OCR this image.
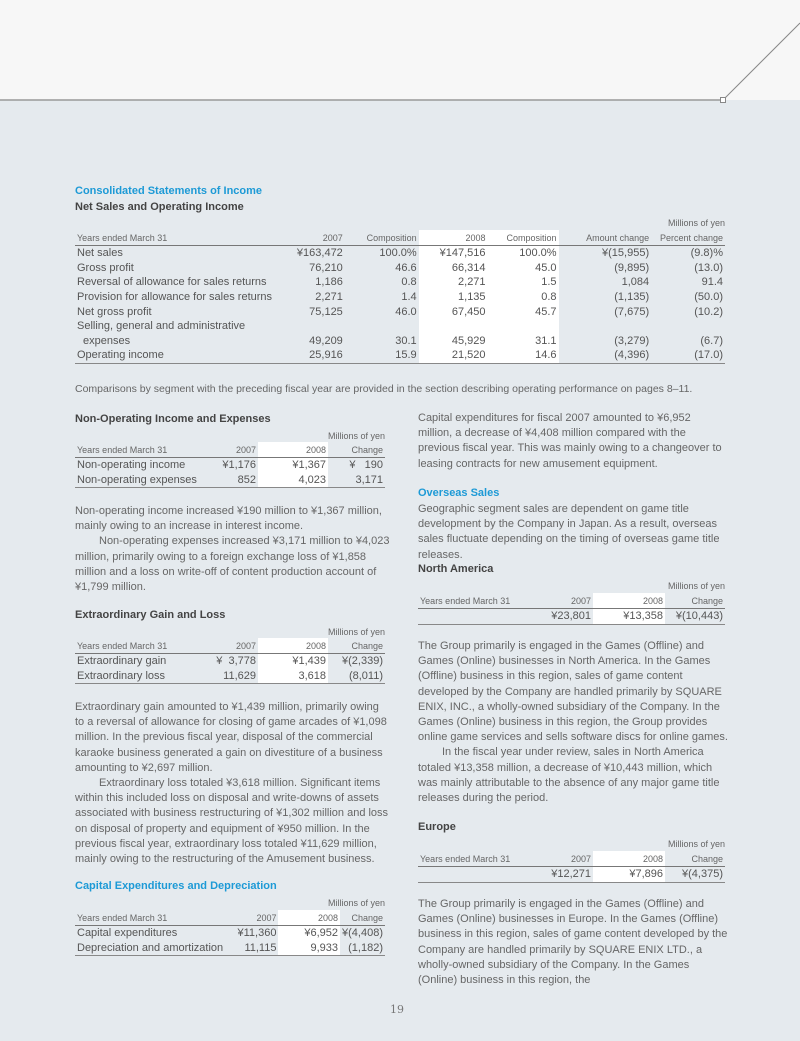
Consolidated Statements of Income
Net Sales and Operating Income
Millions of yen
Years ended March 31	2007	Composition	2008	Composition	Amount change	Percent change
Net sales	¥163,472	100.0%	¥147,516	100.0%	¥(15,955)	(9.8)%
Gross profit	76,210	46.6	66,314	45.0	(9,895)	(13.0)
Reversal of allowance for sales returns	1,186	0.8	2,271	1.5	1,084	91.4
Provision for allowance for sales returns	2,271	1.4	1,135	0.8	(1,135)	(50.0)
Net gross profit	75,125	46.0	67,450	45.7	(7,675)	(10.2)
Selling, general and administrative						
expenses	49,209	30.1	45,929	31.1	(3,279)	(6.7)
Operating income	25,916	15.9	21,520	14.6	(4,396)	(17.0)
Comparisons by segment with the preceding fiscal year are provided in the section describing operating performance on pages 8–11.
Non-Operating Income and Expenses
Millions of yen
Years ended March 31	2007	2008	Change
Non-operating income	¥1,176	¥1,367	¥   190
Non-operating expenses	852	4,023	3,171

Non-operating income increased ¥190 million to ¥1,367 million, mainly owing to an increase in interest income.

Non-operating expenses increased ¥3,171 million to ¥4,023 million, primarily owing to a foreign exchange loss of ¥1,858 million and a loss on write-off of content production account of ¥1,799 million.

Extraordinary Gain and Loss
Millions of yen
Years ended March 31	2007	2008	Change
Extraordinary gain	¥  3,778	¥1,439	¥(2,339)
Extraordinary loss	11,629	3,618	(8,011)

Extraordinary gain amounted to ¥1,439 million, primarily owing to a reversal of allowance for closing of game arcades of ¥1,098 million. In the previous fiscal year, disposal of the commercial karaoke business generated a gain on divestiture of a business amounting to ¥2,697 million.

Extraordinary loss totaled ¥3,618 million. Significant items within this included loss on disposal and write-downs of assets associated with business restructuring of ¥1,302 million and loss on disposal of property and equipment of ¥950 million. In the previous fiscal year, extraordinary loss totaled ¥11,629 million, mainly owing to the restructuring of the Amusement business.

Capital Expenditures and Depreciation
Millions of yen
Years ended March 31	2007	2008	Change
Capital expenditures	¥11,360	¥6,952	¥(4,408)
Depreciation and amortization	11,115	9,933	(1,182)

Capital expenditures for fiscal 2007 amounted to ¥6,952 million, a decrease of ¥4,408 million compared with the previous fiscal year. This was mainly owing to a changeover to leasing contracts for new amusement equipment.

Overseas Sales

Geographic segment sales are dependent on game title development by the Company in Japan. As a result, overseas sales fluctuate depending on the timing of overseas game title releases.

North America
Millions of yen
Years ended March 31	2007	2008	Change
	¥23,801	¥13,358	¥(10,443)

The Group primarily is engaged in the Games (Offline) and Games (Online) businesses in North America. In the Games (Offline) business in this region, sales of game content developed by the Company are handled primarily by SQUARE ENIX, INC., a wholly-owned subsidiary of the Company. In the Games (Online) business in this region, the Group provides online game services and sells software discs for online games.

In the fiscal year under review, sales in North America totaled ¥13,358 million, a decrease of ¥10,443 million, which was mainly attributable to the absence of any major game title releases during the period.

Europe
Millions of yen
Years ended March 31	2007	2008	Change
	¥12,271	¥7,896	¥(4,375)

The Group primarily is engaged in the Games (Offline) and Games (Online) businesses in Europe. In the Games (Offline) business in this region, sales of game content developed by the Company are handled primarily by SQUARE ENIX LTD., a wholly-owned subsidiary of the Company. In the Games (Online) business in this region, the

19
